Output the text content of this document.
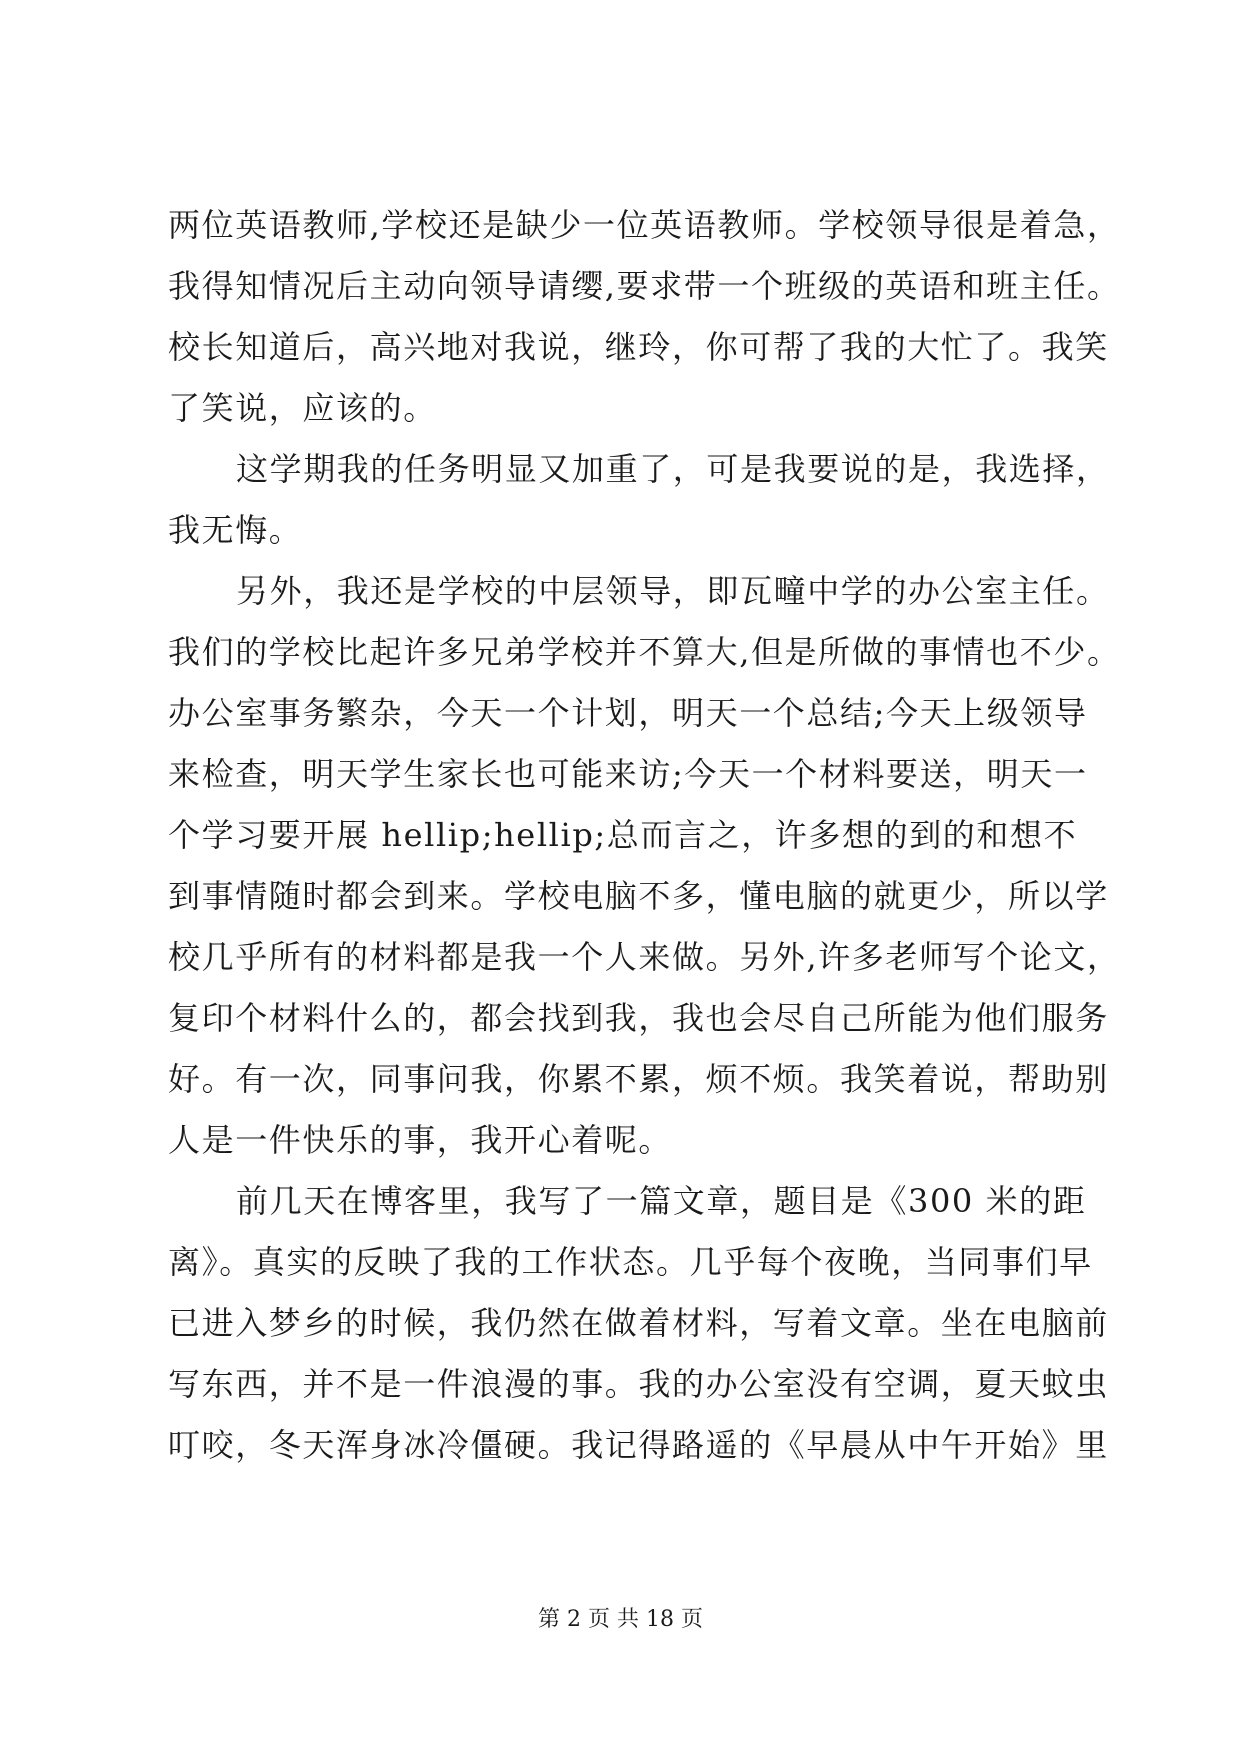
两位英语教师,学校还是缺少一位英语教师。学校领导很是着急，
我得知情况后主动向领导请缨,要求带一个班级的英语和班主任。
校长知道后，高兴地对我说，继玲，你可帮了我的大忙了。我笑
了笑说，应该的。
这学期我的任务明显又加重了，可是我要说的是，我选择，
我无悔。
另外，我还是学校的中层领导，即瓦疃中学的办公室主任。
我们的学校比起许多兄弟学校并不算大,但是所做的事情也不少。
办公室事务繁杂，今天一个计划，明天一个总结;今天上级领导
来检查，明天学生家长也可能来访;今天一个材料要送，明天一
个学习要开展 hellip;hellip;总而言之，许多想的到的和想不
到事情随时都会到来。学校电脑不多，懂电脑的就更少，所以学
校几乎所有的材料都是我一个人来做。另外,许多老师写个论文，
复印个材料什么的，都会找到我，我也会尽自己所能为他们服务
好。有一次，同事问我，你累不累，烦不烦。我笑着说，帮助别
人是一件快乐的事，我开心着呢。
前几天在博客里，我写了一篇文章，题目是《300 米的距
离》。真实的反映了我的工作状态。几乎每个夜晚，当同事们早
已进入梦乡的时候，我仍然在做着材料，写着文章。坐在电脑前
写东西，并不是一件浪漫的事。我的办公室没有空调，夏天蚊虫
叮咬，冬天浑身冰冷僵硬。我记得路遥的《早晨从中午开始》里
第 2 页 共 18 页
